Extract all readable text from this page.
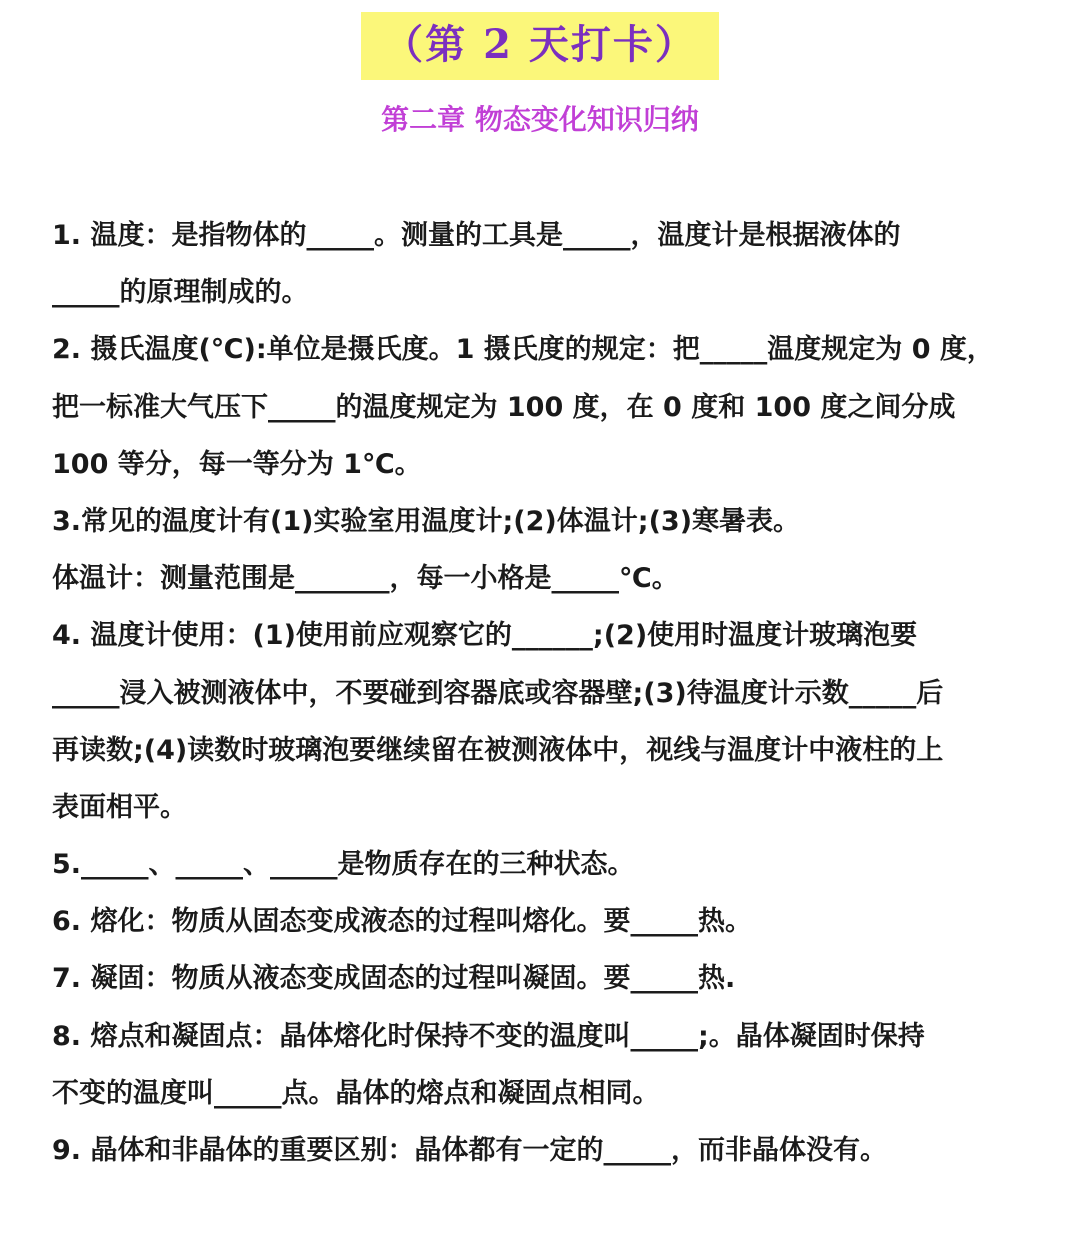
（第 2 天打卡）
第二章 物态变化知识归纳
1. 温度：是指物体的_____。测量的工具是_____，温度计是根据液体的
_____的原理制成的。
2. 摄氏温度(℃):单位是摄氏度。1 摄氏度的规定：把_____温度规定为 0 度，
把一标准大气压下_____的温度规定为 100 度，在 0 度和 100 度之间分成
100 等分，每一等分为 1℃。
3.常见的温度计有(1)实验室用温度计;(2)体温计;(3)寒暑表。
体温计：测量范围是_______，每一小格是_____℃。
4. 温度计使用：(1)使用前应观察它的______;(2)使用时温度计玻璃泡要
_____浸入被测液体中，不要碰到容器底或容器壁;(3)待温度计示数_____后
再读数;(4)读数时玻璃泡要继续留在被测液体中，视线与温度计中液柱的上
表面相平。
5._____、_____、_____是物质存在的三种状态。
6. 熔化：物质从固态变成液态的过程叫熔化。要_____热。
7. 凝固：物质从液态变成固态的过程叫凝固。要_____热.
8. 熔点和凝固点：晶体熔化时保持不变的温度叫_____;。晶体凝固时保持
不变的温度叫_____点。晶体的熔点和凝固点相同。
9. 晶体和非晶体的重要区别：晶体都有一定的_____，而非晶体没有。
